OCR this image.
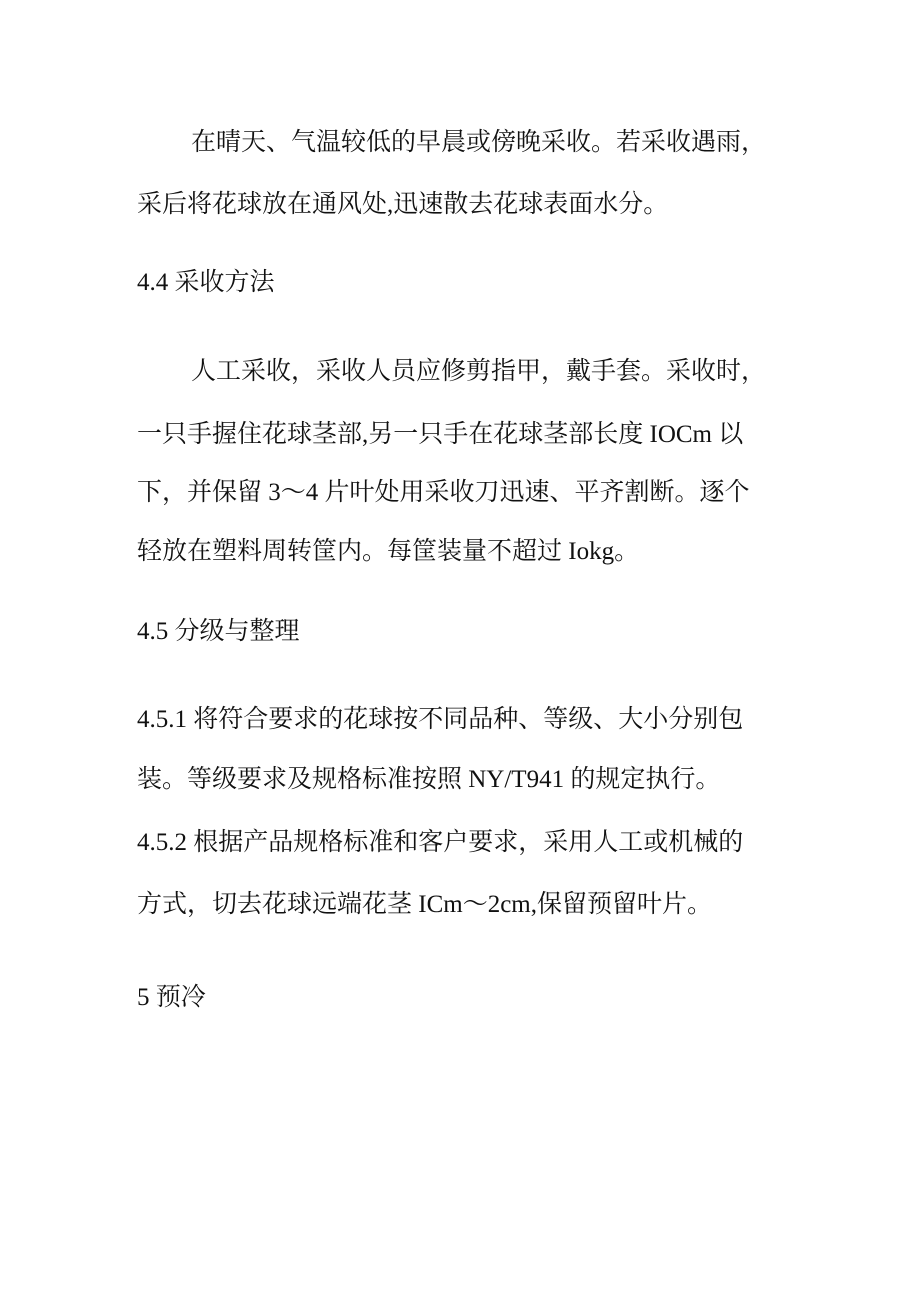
在晴天、气温较低的早晨或傍晚采收。若采收遇雨，
采后将花球放在通风处,迅速散去花球表面水分。
4.4 采收方法
人工采收，采收人员应修剪指甲，戴手套。采收时，
一只手握住花球茎部,另一只手在花球茎部长度 IOCm 以
下，并保留 3～4 片叶处用采收刀迅速、平齐割断。逐个
轻放在塑料周转筐内。每筐装量不超过 Iokg。
4.5 分级与整理
4.5.1 将符合要求的花球按不同品种、等级、大小分别包
装。等级要求及规格标准按照 NY/T941 的规定执行。
4.5.2 根据产品规格标准和客户要求，采用人工或机械的
方式，切去花球远端花茎 ICm～2cm,保留预留叶片。
5 预冷
